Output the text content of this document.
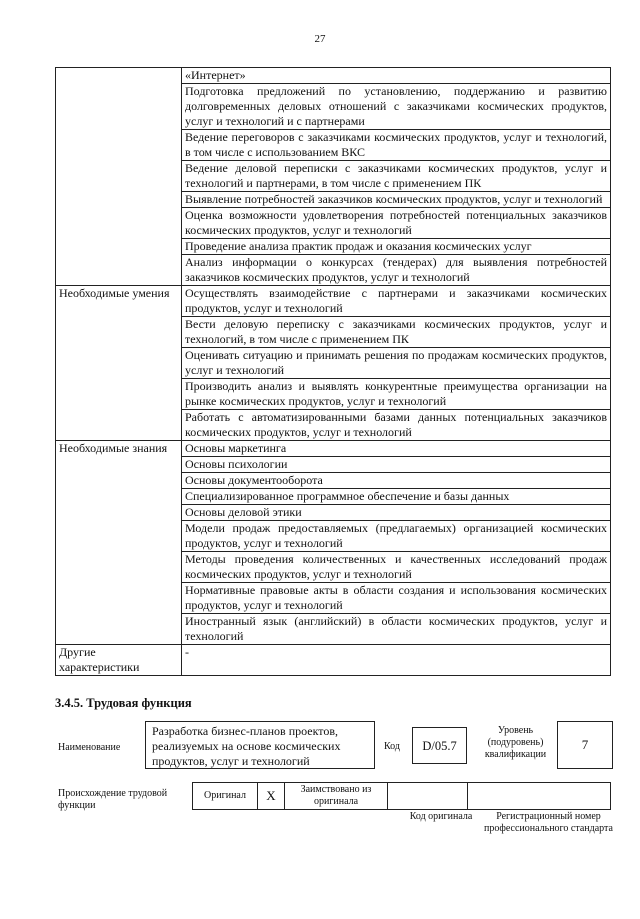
27
	«Интернет»
	Подготовка предложений по установлению, поддержанию и развитию долговременных деловых отношений с заказчиками космических продуктов, услуг и технологий и с партнерами
	Ведение переговоров с заказчиками космических продуктов, услуг и технологий, в том числе с использованием ВКС
	Ведение деловой переписки с заказчиками космических продуктов, услуг и технологий и партнерами, в том числе с применением ПК
	Выявление потребностей заказчиков космических продуктов, услуг и технологий
	Оценка возможности удовлетворения потребностей потенциальных заказчиков космических продуктов, услуг и технологий
	Проведение анализа практик продаж и оказания космических услуг
	Анализ информации о конкурсах (тендерах) для выявления потребностей заказчиков космических продуктов, услуг и технологий
Необходимые умения	Осуществлять взаимодействие с партнерами и заказчиками космических продуктов, услуг и технологий
	Вести деловую переписку с заказчиками космических продуктов, услуг и технологий, в том числе с применением ПК
	Оценивать ситуацию и принимать решения по продажам космических продуктов, услуг и технологий
	Производить анализ и выявлять конкурентные преимущества организации на рынке космических продуктов, услуг и технологий
	Работать с автоматизированными базами данных потенциальных заказчиков космических продуктов, услуг и технологий
Необходимые знания	Основы маркетинга
	Основы психологии
	Основы документооборота
	Специализированное программное обеспечение и базы данных
	Основы деловой этики
	Модели продаж предоставляемых (предлагаемых) организацией космических продуктов, услуг и технологий
	Методы проведения количественных и качественных исследований продаж космических продуктов, услуг и технологий
	Нормативные правовые акты в области создания и использования космических продуктов, услуг и технологий
	Иностранный язык (английский) в области космических продуктов, услуг и технологий
Другие характеристики	-
3.4.5. Трудовая функция
Наименование
Разработка бизнес-планов проектов, реализуемых на основе космических продуктов, услуг и технологий
Код	D/05.7
Уровень (подуровень) квалификации
7
Происхождение трудовой функции
Оригинал	X	Заимствовано из оригинала		
Код оригинала	Регистрационный номер профессионального стандарта
